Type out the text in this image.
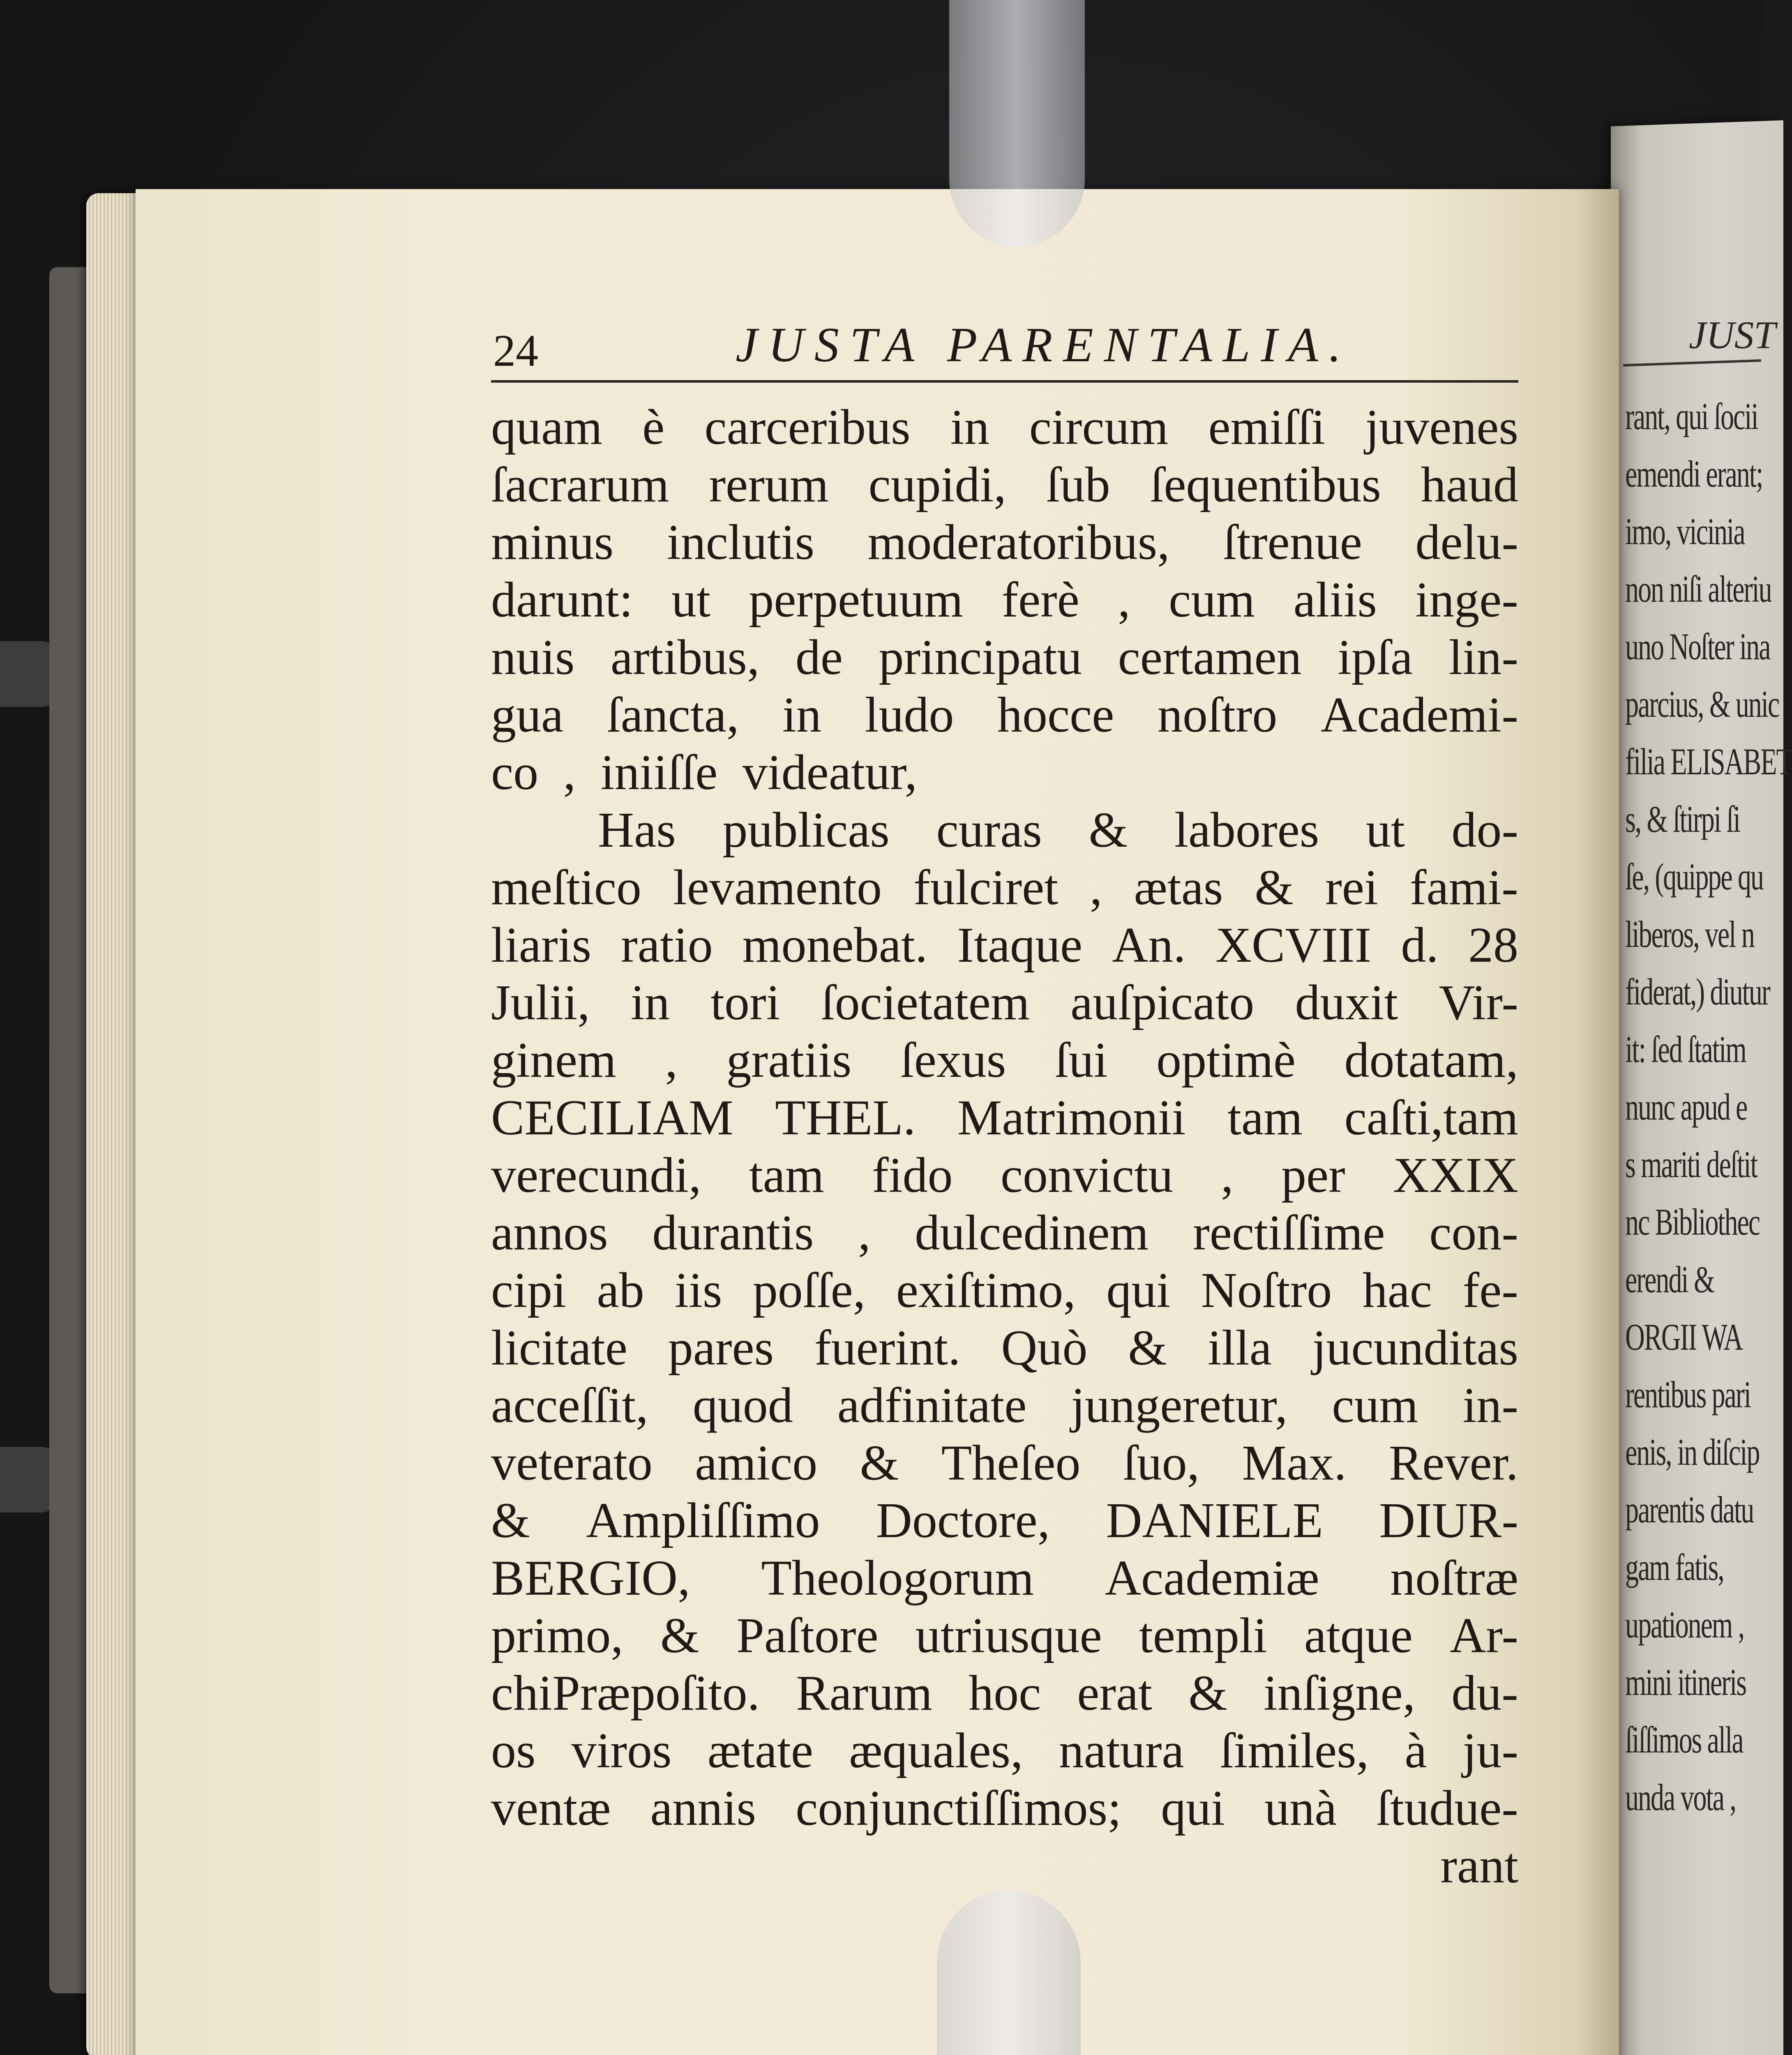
JUST
rant, qui ſocii
emendi erant;
imo, vicinia
non niſi alteriu
uno Noſter ina
parcius, & unic
filia ELISABET
s, & ſtirpi ſi
ſe, (quippe qu
liberos, vel n
fiderat,) diutur
it: ſed ſtatim
nunc apud e
s mariti deſtit
nc Bibliothec
erendi &
ORGII WA
rentibus pari
enis, in diſcip
parentis datu
gam fatis,
upationem ,
mini itineris
ſiſſimos alla
unda vota ,
24	JUSTA PARENTALIA.
quam è carceribus in circum emiſſi juvenes
ſacrarum rerum cupidi, ſub ſequentibus haud
minus inclutis moderatoribus, ſtrenue delu-
darunt: ut perpetuum ferè , cum aliis inge-
nuis artibus, de principatu certamen ipſa lin-
gua ſancta, in ludo hocce noſtro Academi-
co , iniiſſe videatur,
Has publicas curas & labores ut do-
meſtico levamento fulciret , ætas & rei fami-
liaris ratio monebat. Itaque An. XCVIII d. 28
Julii, in tori ſocietatem auſpicato duxit Vir-
ginem , gratiis ſexus ſui optimè dotatam,
CECILIAM THEL. Matrimonii tam caſti,tam
verecundi, tam fido convictu , per XXIX
annos durantis , dulcedinem rectiſſime con-
cipi ab iis poſſe, exiſtimo, qui Noſtro hac fe-
licitate pares fuerint. Quò & illa jucunditas
acceſſit, quod adfinitate jungeretur, cum in-
veterato amico & Theſeo ſuo, Max. Rever.
& Ampliſſimo Doctore, DANIELE DIUR-
BERGIO, Theologorum Academiæ noſtræ
primo, & Paſtore utriusque templi atque Ar-
chiPræpoſito. Rarum hoc erat & inſigne, du-
os viros ætate æquales, natura ſimiles, à ju-
ventæ annis conjunctiſſimos; qui unà ſtudue-
rant
